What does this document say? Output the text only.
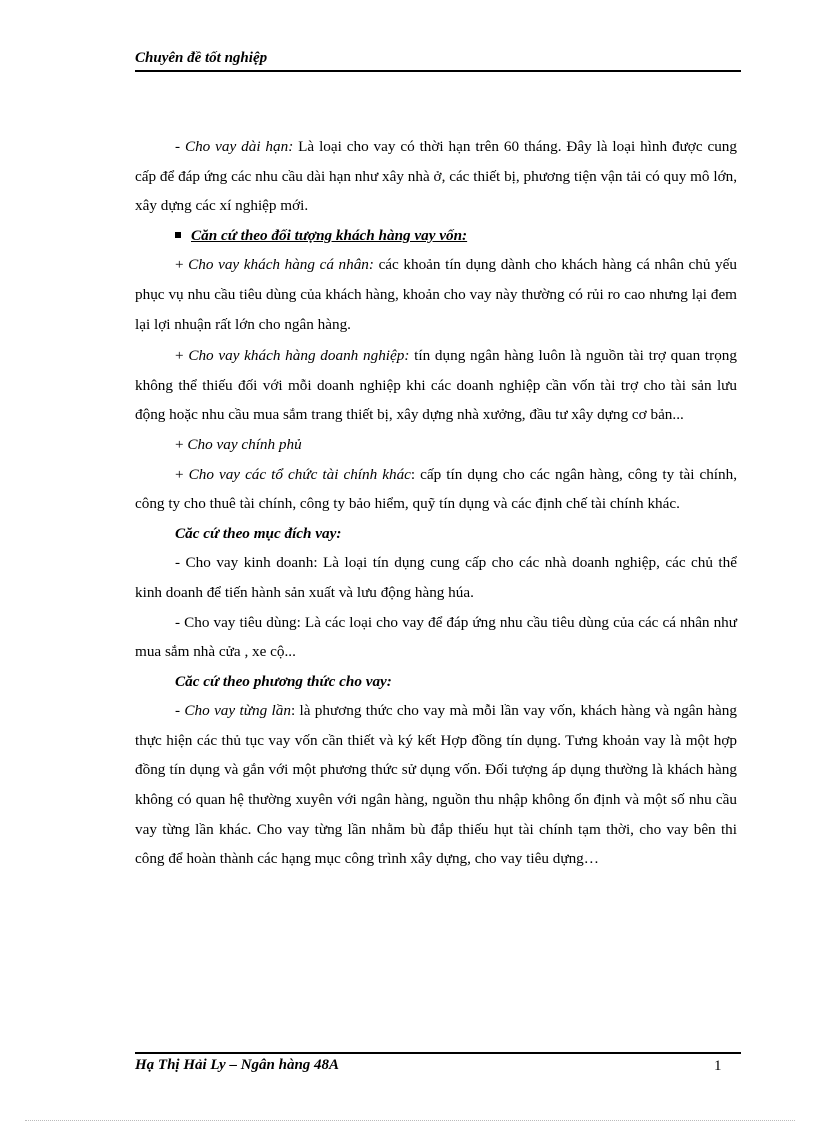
Chuyên đề tốt nghiệp

- Cho vay dài hạn: Là loại cho vay có thời hạn trên 60 tháng. Đây là loại hình được cung cấp để đáp ứng các nhu cầu dài hạn như xây nhà ở, các thiết bị, phương tiện vận tải có quy mô lớn, xây dựng các xí nghiệp mới.

Căn cứ theo đối tượng khách hàng vay vốn:

+ Cho vay khách hàng cá nhân: các khoản tín dụng dành cho khách hàng cá nhân chủ yếu phục vụ nhu cầu tiêu dùng của khách hàng, khoản cho vay này thường có rủi ro cao nhưng lại đem lại lợi nhuận rất lớn cho ngân hàng.

+ Cho vay khách hàng doanh nghiệp: tín dụng ngân hàng luôn là nguồn tài trợ quan trọng không thể thiếu đối với mỗi doanh nghiệp khi các doanh nghiệp cần vốn tài trợ cho tài sản lưu động hoặc nhu cầu mua sắm trang thiết bị, xây dựng nhà xưởng, đầu tư xây dựng cơ bản...

+ Cho vay chính phủ

+ Cho vay các tổ chức tài chính khác: cấp tín dụng cho các ngân hàng, công ty tài chính, công ty cho thuê tài chính, công ty bảo hiểm, quỹ tín dụng và các định chế tài chính khác.

Căc cứ theo mục đích vay:

- Cho vay kinh doanh: Là loại tín dụng cung cấp cho các nhà doanh nghiệp, các chủ thể kinh doanh để tiến hành sản xuất và lưu động hàng húa.

- Cho vay tiêu dùng: Là các loại cho vay để đáp ứng nhu cầu tiêu dùng của các cá nhân như mua sắm nhà cửa , xe cộ...

Căc cứ theo phương thức cho vay:

- Cho vay từng lần: là phương thức cho vay mà mỗi lần vay vốn, khách hàng và ngân hàng thực hiện các thủ tục vay vốn cần thiết và ký kết Hợp đồng tín dụng. Tưng khoản vay là một hợp đồng tín dụng và gắn với một phương thức sử dụng vốn. Đối tượng áp dụng thường là khách hàng không có quan hệ thường xuyên với ngân hàng, nguồn thu nhập không ổn định và một số nhu cầu vay từng lần khác. Cho vay từng lần nhằm bù đắp thiếu hụt tài chính tạm thời, cho vay bên thi công để hoàn thành các hạng mục công trình xây dựng, cho vay tiêu dựng…

Hạ Thị Hải Ly – Ngân hàng 48A	1
